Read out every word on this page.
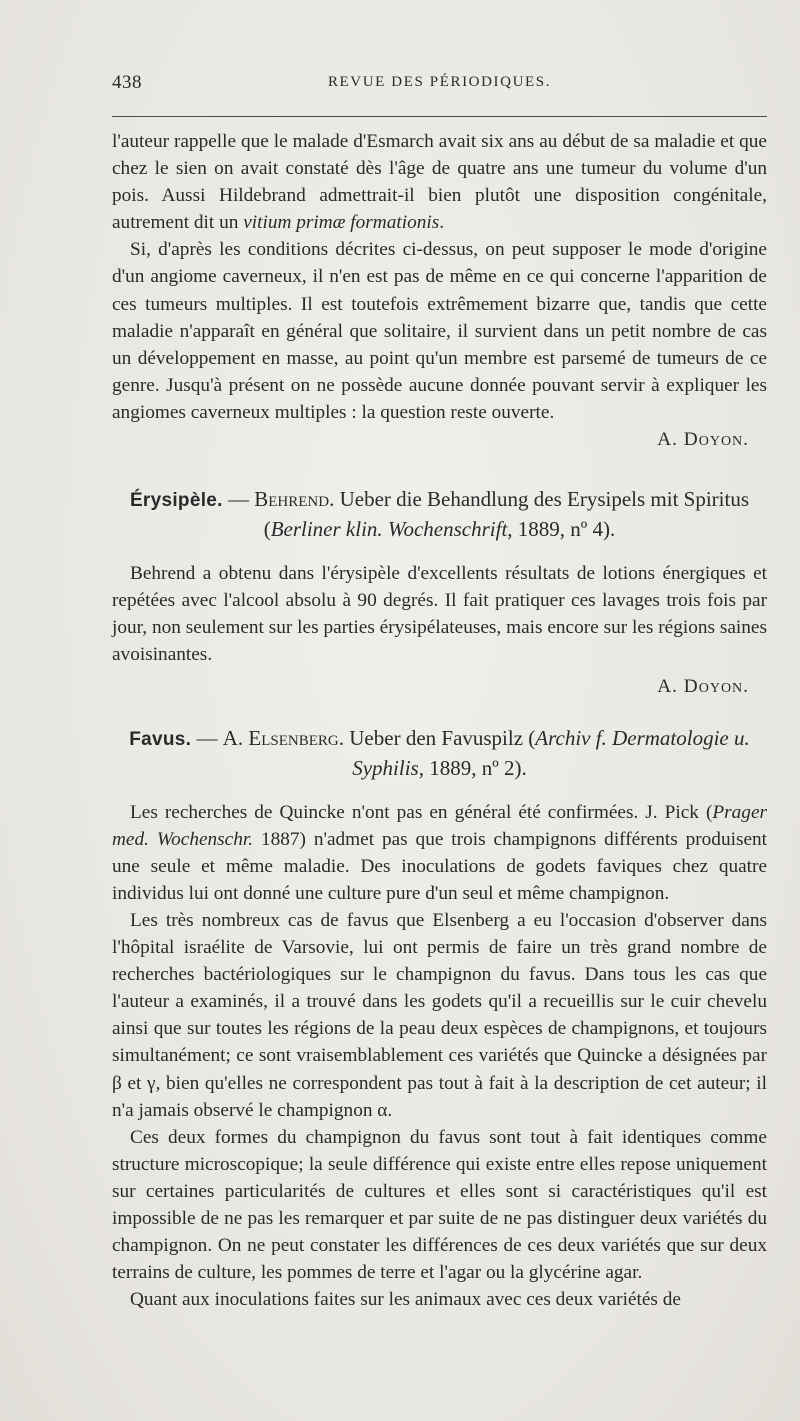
438	REVUE DES PÉRIODIQUES.

l'auteur rappelle que le malade d'Esmarch avait six ans au début de sa maladie et que chez le sien on avait constaté dès l'âge de quatre ans une tumeur du volume d'un pois. Aussi Hildebrand admettrait-il bien plutôt une disposition congénitale, autrement dit un vitium primæ formationis.

Si, d'après les conditions décrites ci-dessus, on peut supposer le mode d'origine d'un angiome caverneux, il n'en est pas de même en ce qui concerne l'apparition de ces tumeurs multiples. Il est toutefois extrêmement bizarre que, tandis que cette maladie n'apparaît en général que solitaire, il survient dans un petit nombre de cas un développement en masse, au point qu'un membre est parsemé de tumeurs de ce genre. Jusqu'à présent on ne possède aucune donnée pouvant servir à expliquer les angiomes caverneux multiples : la question reste ouverte.

A. Doyon.

Érysipèle. — Behrend. Ueber die Behandlung des Erysipels mit Spiritus (Berliner klin. Wochenschrift, 1889, nº 4).

Behrend a obtenu dans l'érysipèle d'excellents résultats de lotions énergiques et repétées avec l'alcool absolu à 90 degrés. Il fait pratiquer ces lavages trois fois par jour, non seulement sur les parties érysipélateuses, mais encore sur les régions saines avoisinantes.

A. Doyon.

Favus. — A. Elsenberg. Ueber den Favuspilz (Archiv f. Dermatologie u. Syphilis, 1889, nº 2).

Les recherches de Quincke n'ont pas en général été confirmées. J. Pick (Prager med. Wochenschr. 1887) n'admet pas que trois champignons différents produisent une seule et même maladie. Des inoculations de godets faviques chez quatre individus lui ont donné une culture pure d'un seul et même champignon.

Les très nombreux cas de favus que Elsenberg a eu l'occasion d'observer dans l'hôpital israélite de Varsovie, lui ont permis de faire un très grand nombre de recherches bactériologiques sur le champignon du favus. Dans tous les cas que l'auteur a examinés, il a trouvé dans les godets qu'il a recueillis sur le cuir chevelu ainsi que sur toutes les régions de la peau deux espèces de champignons, et toujours simultanément; ce sont vraisemblablement ces variétés que Quincke a désignées par β et γ, bien qu'elles ne correspondent pas tout à fait à la description de cet auteur; il n'a jamais observé le champignon α.

Ces deux formes du champignon du favus sont tout à fait identiques comme structure microscopique; la seule différence qui existe entre elles repose uniquement sur certaines particularités de cultures et elles sont si caractéristiques qu'il est impossible de ne pas les remarquer et par suite de ne pas distinguer deux variétés du champignon. On ne peut constater les différences de ces deux variétés que sur deux terrains de culture, les pommes de terre et l'agar ou la glycérine agar.

Quant aux inoculations faites sur les animaux avec ces deux variétés de
